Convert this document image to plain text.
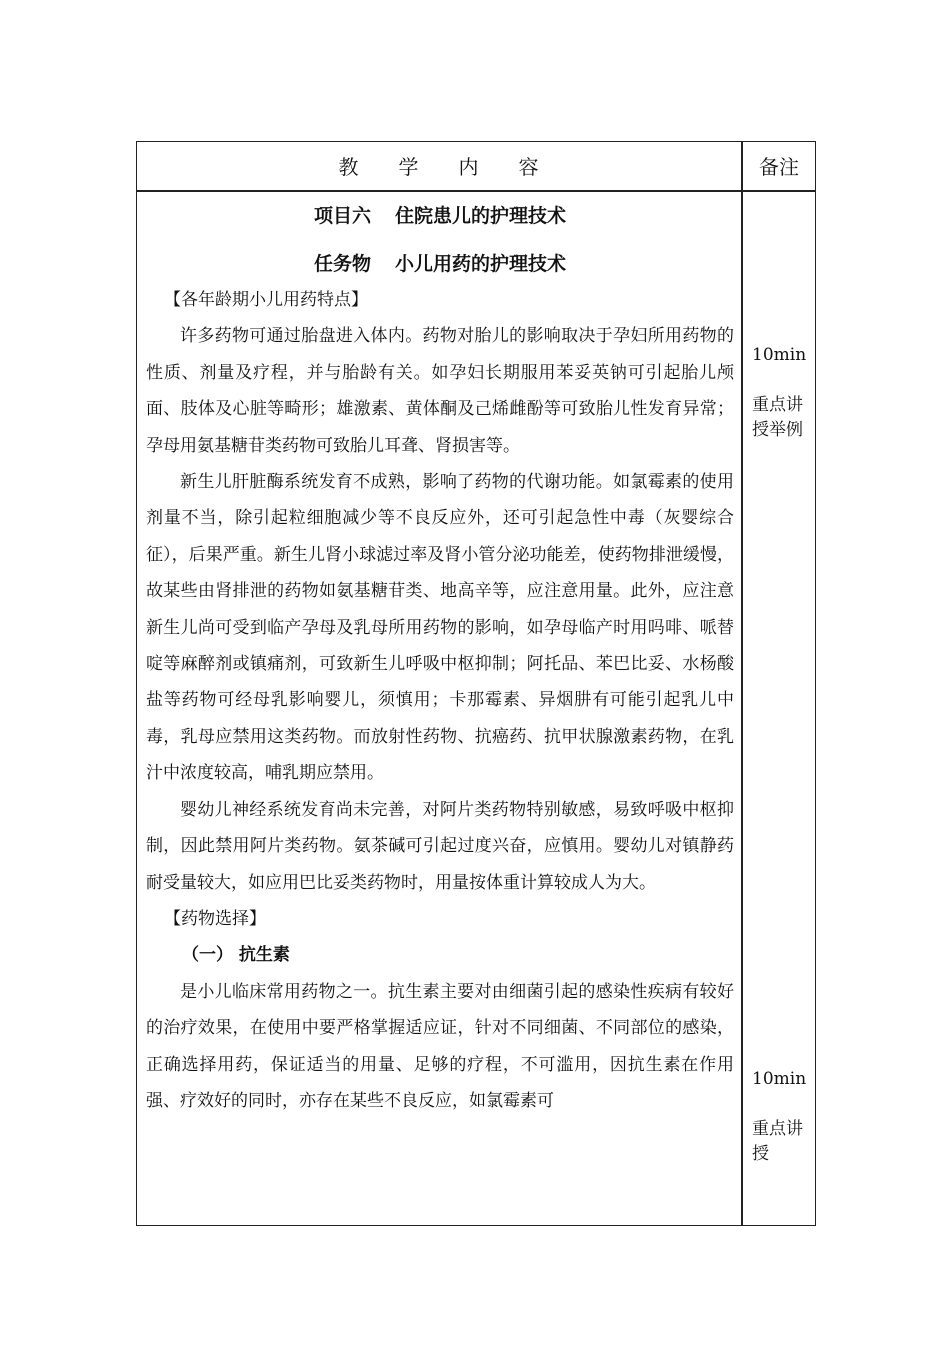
教学内容	备注
项目六 住院患儿的护理技术
任务物 小儿用药的护理技术
【各年龄期小儿用药特点】

许多药物可通过胎盘进入体内。药物对胎儿的影响取决于孕妇所用药物的性质、剂量及疗程，并与胎龄有关。如孕妇长期服用苯妥英钠可引起胎儿颅面、肢体及心脏等畸形；雄激素、黄体酮及己烯雌酚等可致胎儿性发育异常；孕母用氨基糖苷类药物可致胎儿耳聋、肾损害等。

新生儿肝脏酶系统发育不成熟，影响了药物的代谢功能。如氯霉素的使用剂量不当，除引起粒细胞减少等不良反应外，还可引起急性中毒（灰婴综合征），后果严重。新生儿肾小球滤过率及肾小管分泌功能差，使药物排泄缓慢，故某些由肾排泄的药物如氨基糖苷类、地高辛等，应注意用量。此外，应注意新生儿尚可受到临产孕母及乳母所用药物的影响，如孕母临产时用吗啡、哌替啶等麻醉剂或镇痛剂，可致新生儿呼吸中枢抑制；阿托品、苯巴比妥、水杨酸盐等药物可经母乳影响婴儿，须慎用；卡那霉素、异烟肼有可能引起乳儿中毒，乳母应禁用这类药物。而放射性药物、抗癌药、抗甲状腺激素药物，在乳汁中浓度较高，哺乳期应禁用。

婴幼儿神经系统发育尚未完善，对阿片类药物特别敏感，易致呼吸中枢抑制，因此禁用阿片类药物。氨茶碱可引起过度兴奋，应慎用。婴幼儿对镇静药耐受量较大，如应用巴比妥类药物时，用量按体重计算较成人为大。

【药物选择】
（一） 抗生素

是小儿临床常用药物之一。抗生素主要对由细菌引起的感染性疾病有较好的治疗效果，在使用中要严格掌握适应证，针对不同细菌、不同部位的感染，正确选择用药，保证适当的用量、足够的疗程，不可滥用，因抗生素在作用强、疗效好的同时，亦存在某些不良反应，如氯霉素可

10min
重点讲授举例
10min
重点讲授
